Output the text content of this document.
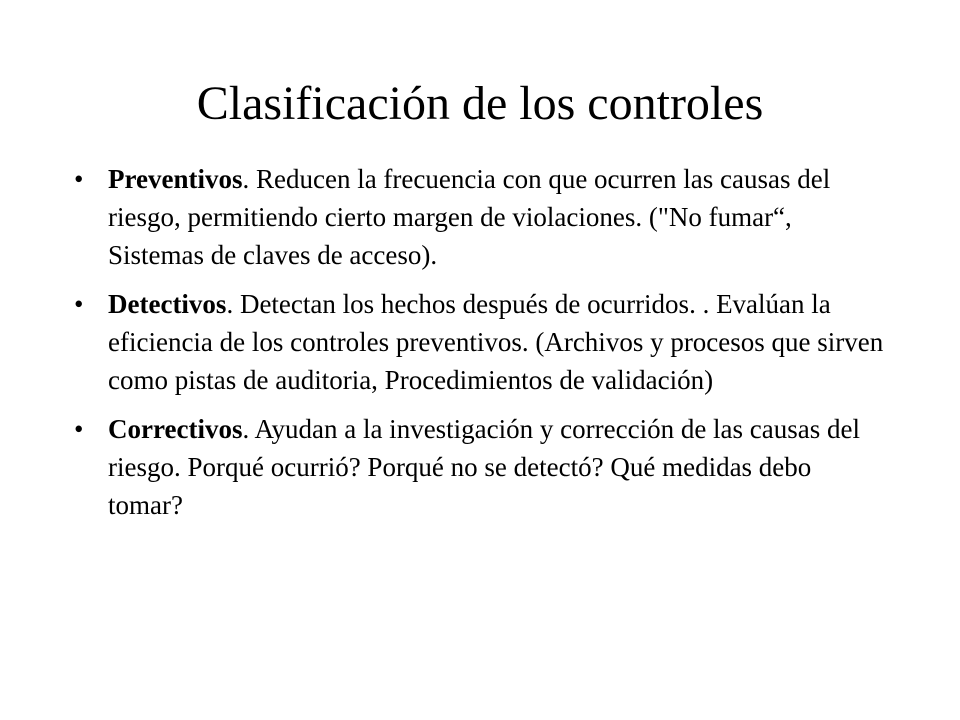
Clasificación de los controles
• Preventivos. Reducen la frecuencia con que ocurren las causas del riesgo, permitiendo cierto margen de violaciones. ("No fumar“, Sistemas de claves de acceso).
• Detectivos. Detectan los hechos después de ocurridos. . Evalúan la eficiencia de los controles preventivos. (Archivos y procesos que sirven como pistas de auditoria, Procedimientos de validación)
• Correctivos. Ayudan a la investigación y corrección de las causas del riesgo. Porqué ocurrió? Porqué no se detectó? Qué medidas debo tomar?
